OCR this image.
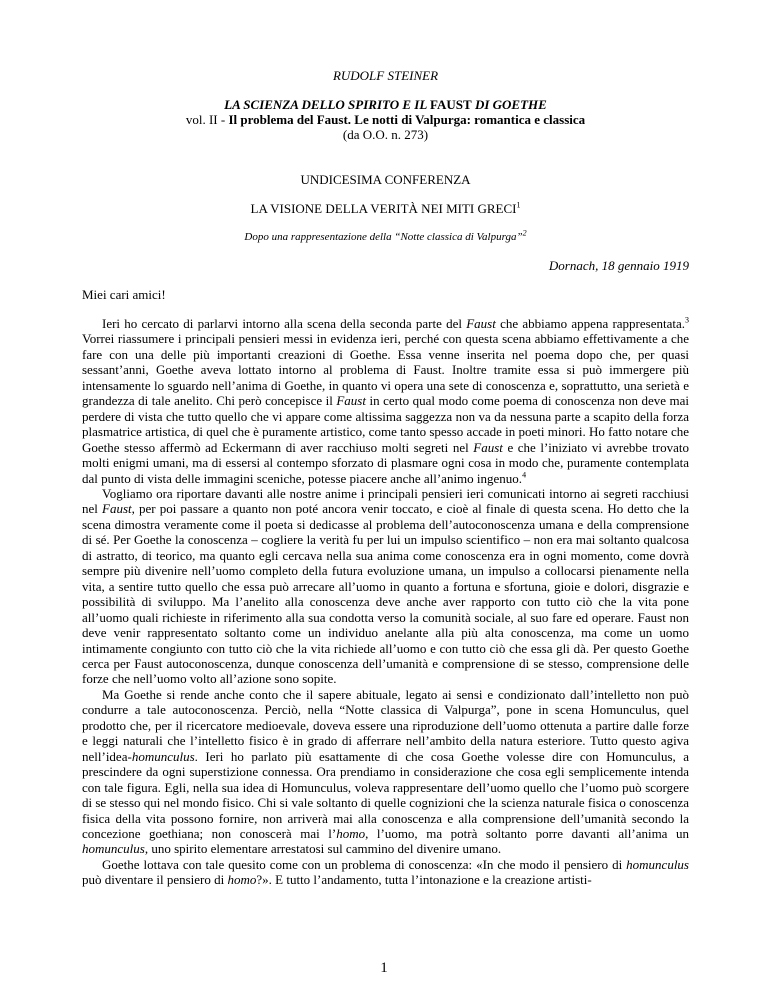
RUDOLF STEINER
LA SCIENZA DELLO SPIRITO E IL FAUST DI GOETHE
vol. II - Il problema del Faust. Le notti di Valpurga: romantica e classica
(da O.O. n. 273)
UNDICESIMA CONFERENZA
LA VISIONE DELLA VERITÀ NEI MITI GRECI$^1$
Dopo una rappresentazione della “Notte classica di Valpurga”$^2$
Dornach, 18 gennaio 1919
Miei cari amici!

Ieri ho cercato di parlarvi intorno alla scena della seconda parte del Faust che abbiamo appena rappresentata.$^3$ Vorrei riassumere i principali pensieri messi in evidenza ieri, perché con questa scena abbiamo effettivamente a che fare con una delle più importanti creazioni di Goethe. Essa venne inserita nel poema dopo che, per quasi sessant’anni, Goethe aveva lottato intorno al problema di Faust. Inoltre tramite essa si può immergere più intensamente lo sguardo nell’anima di Goethe, in quanto vi opera una sete di conoscenza e, soprattutto, una serietà e grandezza di tale anelito. Chi però concepisce il Faust in certo qual modo come poema di conoscenza non deve mai perdere di vista che tutto quello che vi appare come altissima saggezza non va da nessuna parte a scapito della forza plasmatrice artistica, di quel che è puramente artistico, come tanto spesso accade in poeti minori. Ho fatto notare che Goethe stesso affermò ad Eckermann di aver racchiuso molti segreti nel Faust e che l’iniziato vi avrebbe trovato molti enigmi umani, ma di essersi al contempo sforzato di plasmare ogni cosa in modo che, puramente contemplata dal punto di vista delle immagini sceniche, potesse piacere anche all’animo ingenuo.$^4$

Vogliamo ora riportare davanti alle nostre anime i principali pensieri ieri comunicati intorno ai segreti racchiusi nel Faust, per poi passare a quanto non poté ancora venir toccato, e cioè al finale di questa scena. Ho detto che la scena dimostra veramente come il poeta si dedicasse al problema dell’autoconoscenza umana e della comprensione di sé. Per Goethe la conoscenza – cogliere la verità fu per lui un impulso scientifico – non era mai soltanto qualcosa di astratto, di teorico, ma quanto egli cercava nella sua anima come conoscenza era in ogni momento, come dovrà sempre più divenire nell’uomo completo della futura evoluzione umana, un impulso a collocarsi pienamente nella vita, a sentire tutto quello che essa può arrecare all’uomo in quanto a fortuna e sfortuna, gioie e dolori, disgrazie e possibilità di sviluppo. Ma l’anelito alla conoscenza deve anche aver rapporto con tutto ciò che la vita pone all’uomo quali richieste in riferimento alla sua condotta verso la comunità sociale, al suo fare ed operare. Faust non deve venir rappresentato soltanto come un individuo anelante alla più alta conoscenza, ma come un uomo intimamente congiunto con tutto ciò che la vita richiede all’uomo e con tutto ciò che essa gli dà. Per questo Goethe cerca per Faust autoconoscenza, dunque conoscenza dell’umanità e comprensione di se stesso, comprensione delle forze che nell’uomo volto all’azione sono sopite.

Ma Goethe si rende anche conto che il sapere abituale, legato ai sensi e condizionato dall’intelletto non può condurre a tale autoconoscenza. Perciò, nella “Notte classica di Valpurga”, pone in scena Homunculus, quel prodotto che, per il ricercatore medioevale, doveva essere una riproduzione dell’uomo ottenuta a partire dalle forze e leggi naturali che l’intelletto fisico è in grado di afferrare nell’ambito della natura esteriore. Tutto questo agiva nell’idea-homunculus. Ieri ho parlato più esattamente di che cosa Goethe volesse dire con Homunculus, a prescindere da ogni superstizione connessa. Ora prendiamo in considerazione che cosa egli semplicemente intenda con tale figura. Egli, nella sua idea di Homunculus, voleva rappresentare dell’uomo quello che l’uomo può scorgere di se stesso qui nel mondo fisico. Chi si vale soltanto di quelle cognizioni che la scienza naturale fisica o conoscenza fisica della vita possono fornire, non arriverà mai alla conoscenza e alla comprensione dell’umanità secondo la concezione goethiana; non conoscerà mai l’homo, l’uomo, ma potrà soltanto porre davanti all’anima un homunculus, uno spirito elementare arrestatosi sul cammino del divenire umano.

Goethe lottava con tale quesito come con un problema di conoscenza: «In che modo il pensiero di homunculus può diventare il pensiero di homo?». E tutto l’andamento, tutta l’intonazione e la creazione artisti-

1
